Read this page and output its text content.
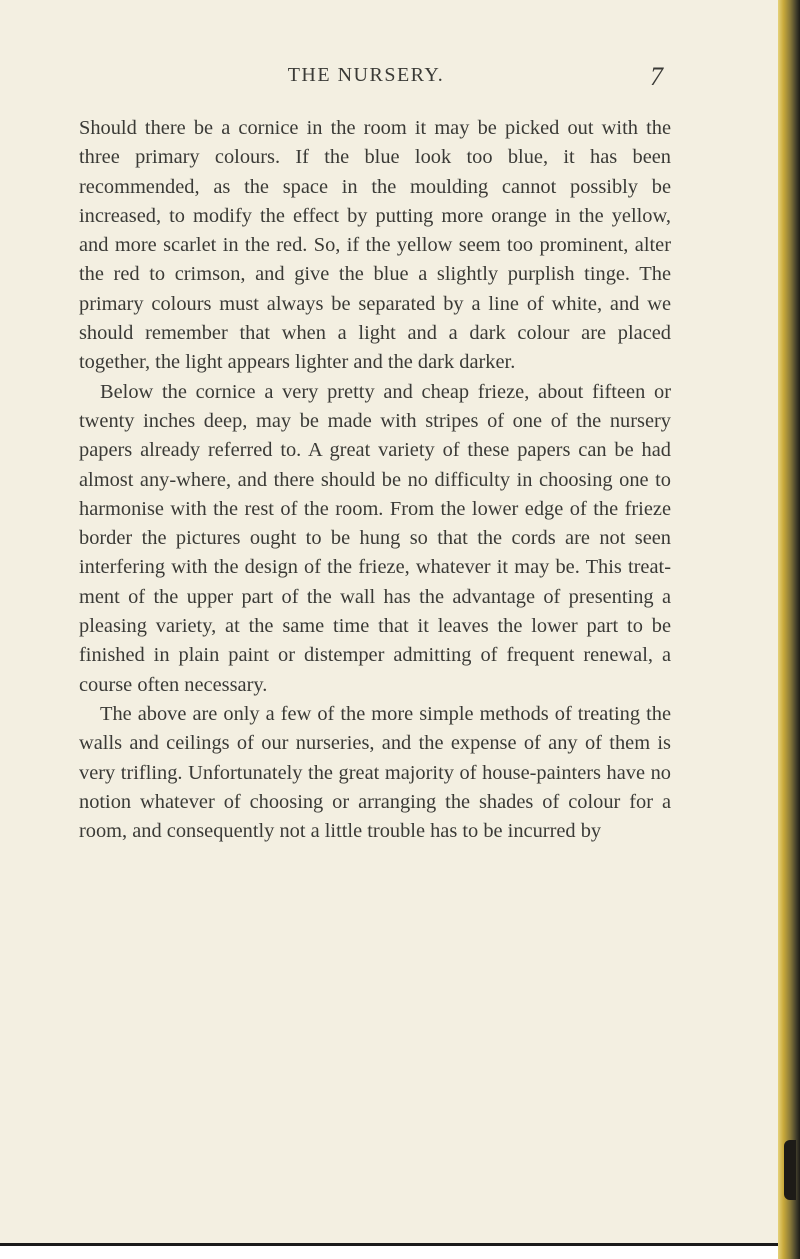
THE NURSERY.	7

Should there be a cornice in the room it may be picked out with the three primary colours. If the blue look too blue, it has been recommended, as the space in the moulding cannot possibly be increased, to modify the effect by putting more orange in the yellow, and more scarlet in the red. So, if the yellow seem too prominent, alter the red to crimson, and give the blue a slightly purplish tinge. The primary colours must always be separated by a line of white, and we should remember that when a light and a dark colour are placed together, the light appears lighter and the dark darker.

Below the cornice a very pretty and cheap frieze, about fifteen or twenty inches deep, may be made with stripes of one of the nursery papers already referred to. A great variety of these papers can be had almost any-where, and there should be no difficulty in choosing one to harmonise with the rest of the room. From the lower edge of the frieze border the pictures ought to be hung so that the cords are not seen interfering with the design of the frieze, whatever it may be. This treat-ment of the upper part of the wall has the advantage of presenting a pleasing variety, at the same time that it leaves the lower part to be finished in plain paint or distemper admitting of frequent renewal, a course often necessary.

The above are only a few of the more simple methods of treating the walls and ceilings of our nurseries, and the expense of any of them is very trifling. Unfortunately the great majority of house-painters have no notion whatever of choosing or arranging the shades of colour for a room, and consequently not a little trouble has to be incurred by
